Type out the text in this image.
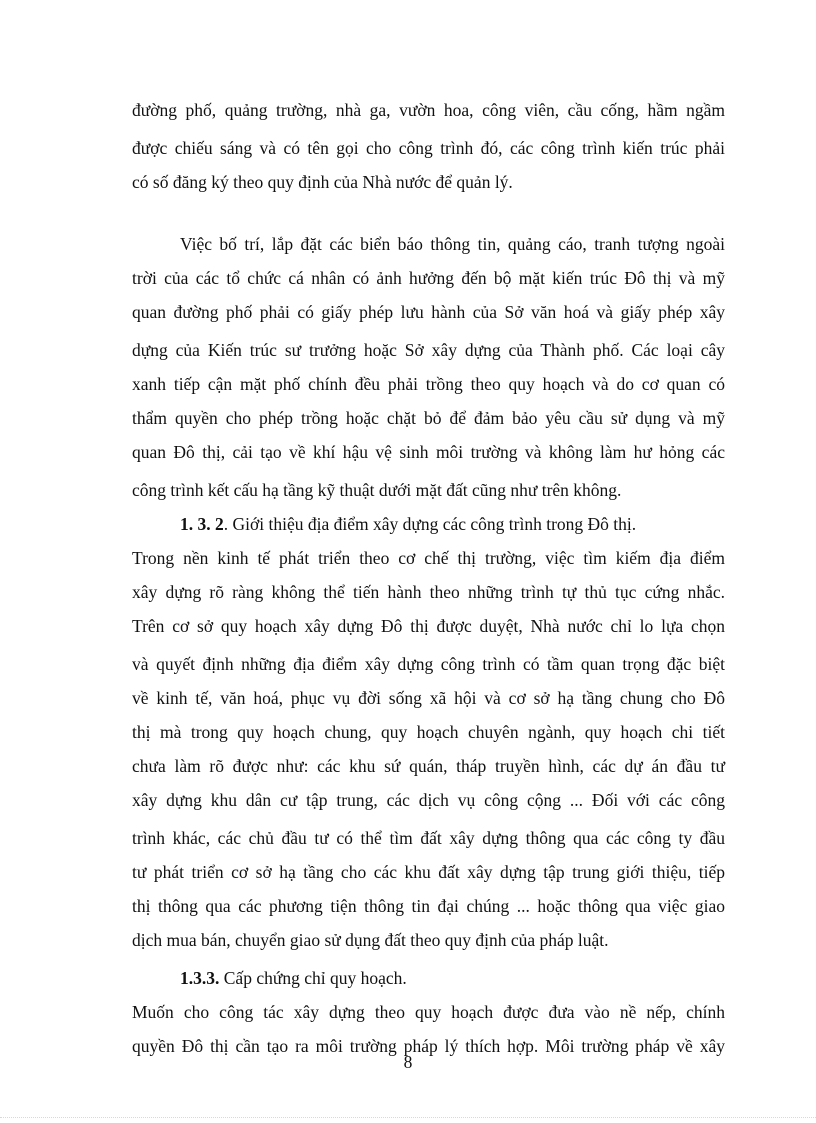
đường phố, quảng trường, nhà ga, vườn hoa, công viên, cầu cống, hầm ngầm
được chiếu sáng và có tên gọi cho công trình đó, các công trình kiến trúc phải
có số đăng ký theo quy định của Nhà nước để quản lý.
Việc bố trí, lắp đặt các biển báo thông tin, quảng cáo, tranh tượng ngoài
trời của các tổ chức cá nhân có ảnh hưởng đến bộ mặt kiến trúc Đô thị và mỹ
quan đường phố phải có giấy phép lưu hành của Sở văn hoá và giấy phép xây
dựng của Kiến trúc sư trưởng hoặc Sở xây dựng của Thành phố. Các loại cây
xanh tiếp cận mặt phố chính đều phải trồng theo quy hoạch và do cơ quan có
thẩm quyền cho phép trồng hoặc chặt bỏ để đảm bảo yêu cầu sử dụng và mỹ
quan Đô thị, cải tạo về khí hậu vệ sinh môi trường và không làm hư hỏng các
công trình kết cấu hạ tầng kỹ thuật dưới mặt đất cũng như trên không.
1. 3. 2. Giới thiệu địa điểm xây dựng các công trình trong Đô thị.
Trong nền kinh tế phát triển theo cơ chế thị trường, việc tìm kiếm địa điểm
xây dựng rõ ràng không thể tiến hành theo những trình tự thủ tục cứng nhắc.
Trên cơ sở quy hoạch xây dựng Đô thị được duyệt, Nhà nước chỉ lo lựa chọn
và quyết định những địa điểm xây dựng công trình có tầm quan trọng đặc biệt
về kinh tế, văn hoá, phục vụ đời sống xã hội và cơ sở hạ tầng chung cho Đô
thị mà trong quy hoạch chung, quy hoạch chuyên ngành, quy hoạch chi tiết
chưa làm rõ được như: các khu sứ quán, tháp truyền hình, các dự án đầu tư
xây dựng khu dân cư tập trung, các dịch vụ công cộng ... Đối với các công
trình khác, các chủ đầu tư có thể tìm đất xây dựng thông qua các công ty đầu
tư phát triển cơ sở hạ tầng cho các khu đất xây dựng tập trung giới thiệu, tiếp
thị thông qua các phương tiện thông tin đại chúng ... hoặc thông qua việc giao
dịch mua bán, chuyển giao sử dụng đất theo quy định của pháp luật.
1.3.3. Cấp chứng chỉ quy hoạch.
Muốn cho công tác xây dựng theo quy hoạch được đưa vào nề nếp, chính
quyền Đô thị cần tạo ra môi trường pháp lý thích hợp. Môi trường pháp về xây
8
